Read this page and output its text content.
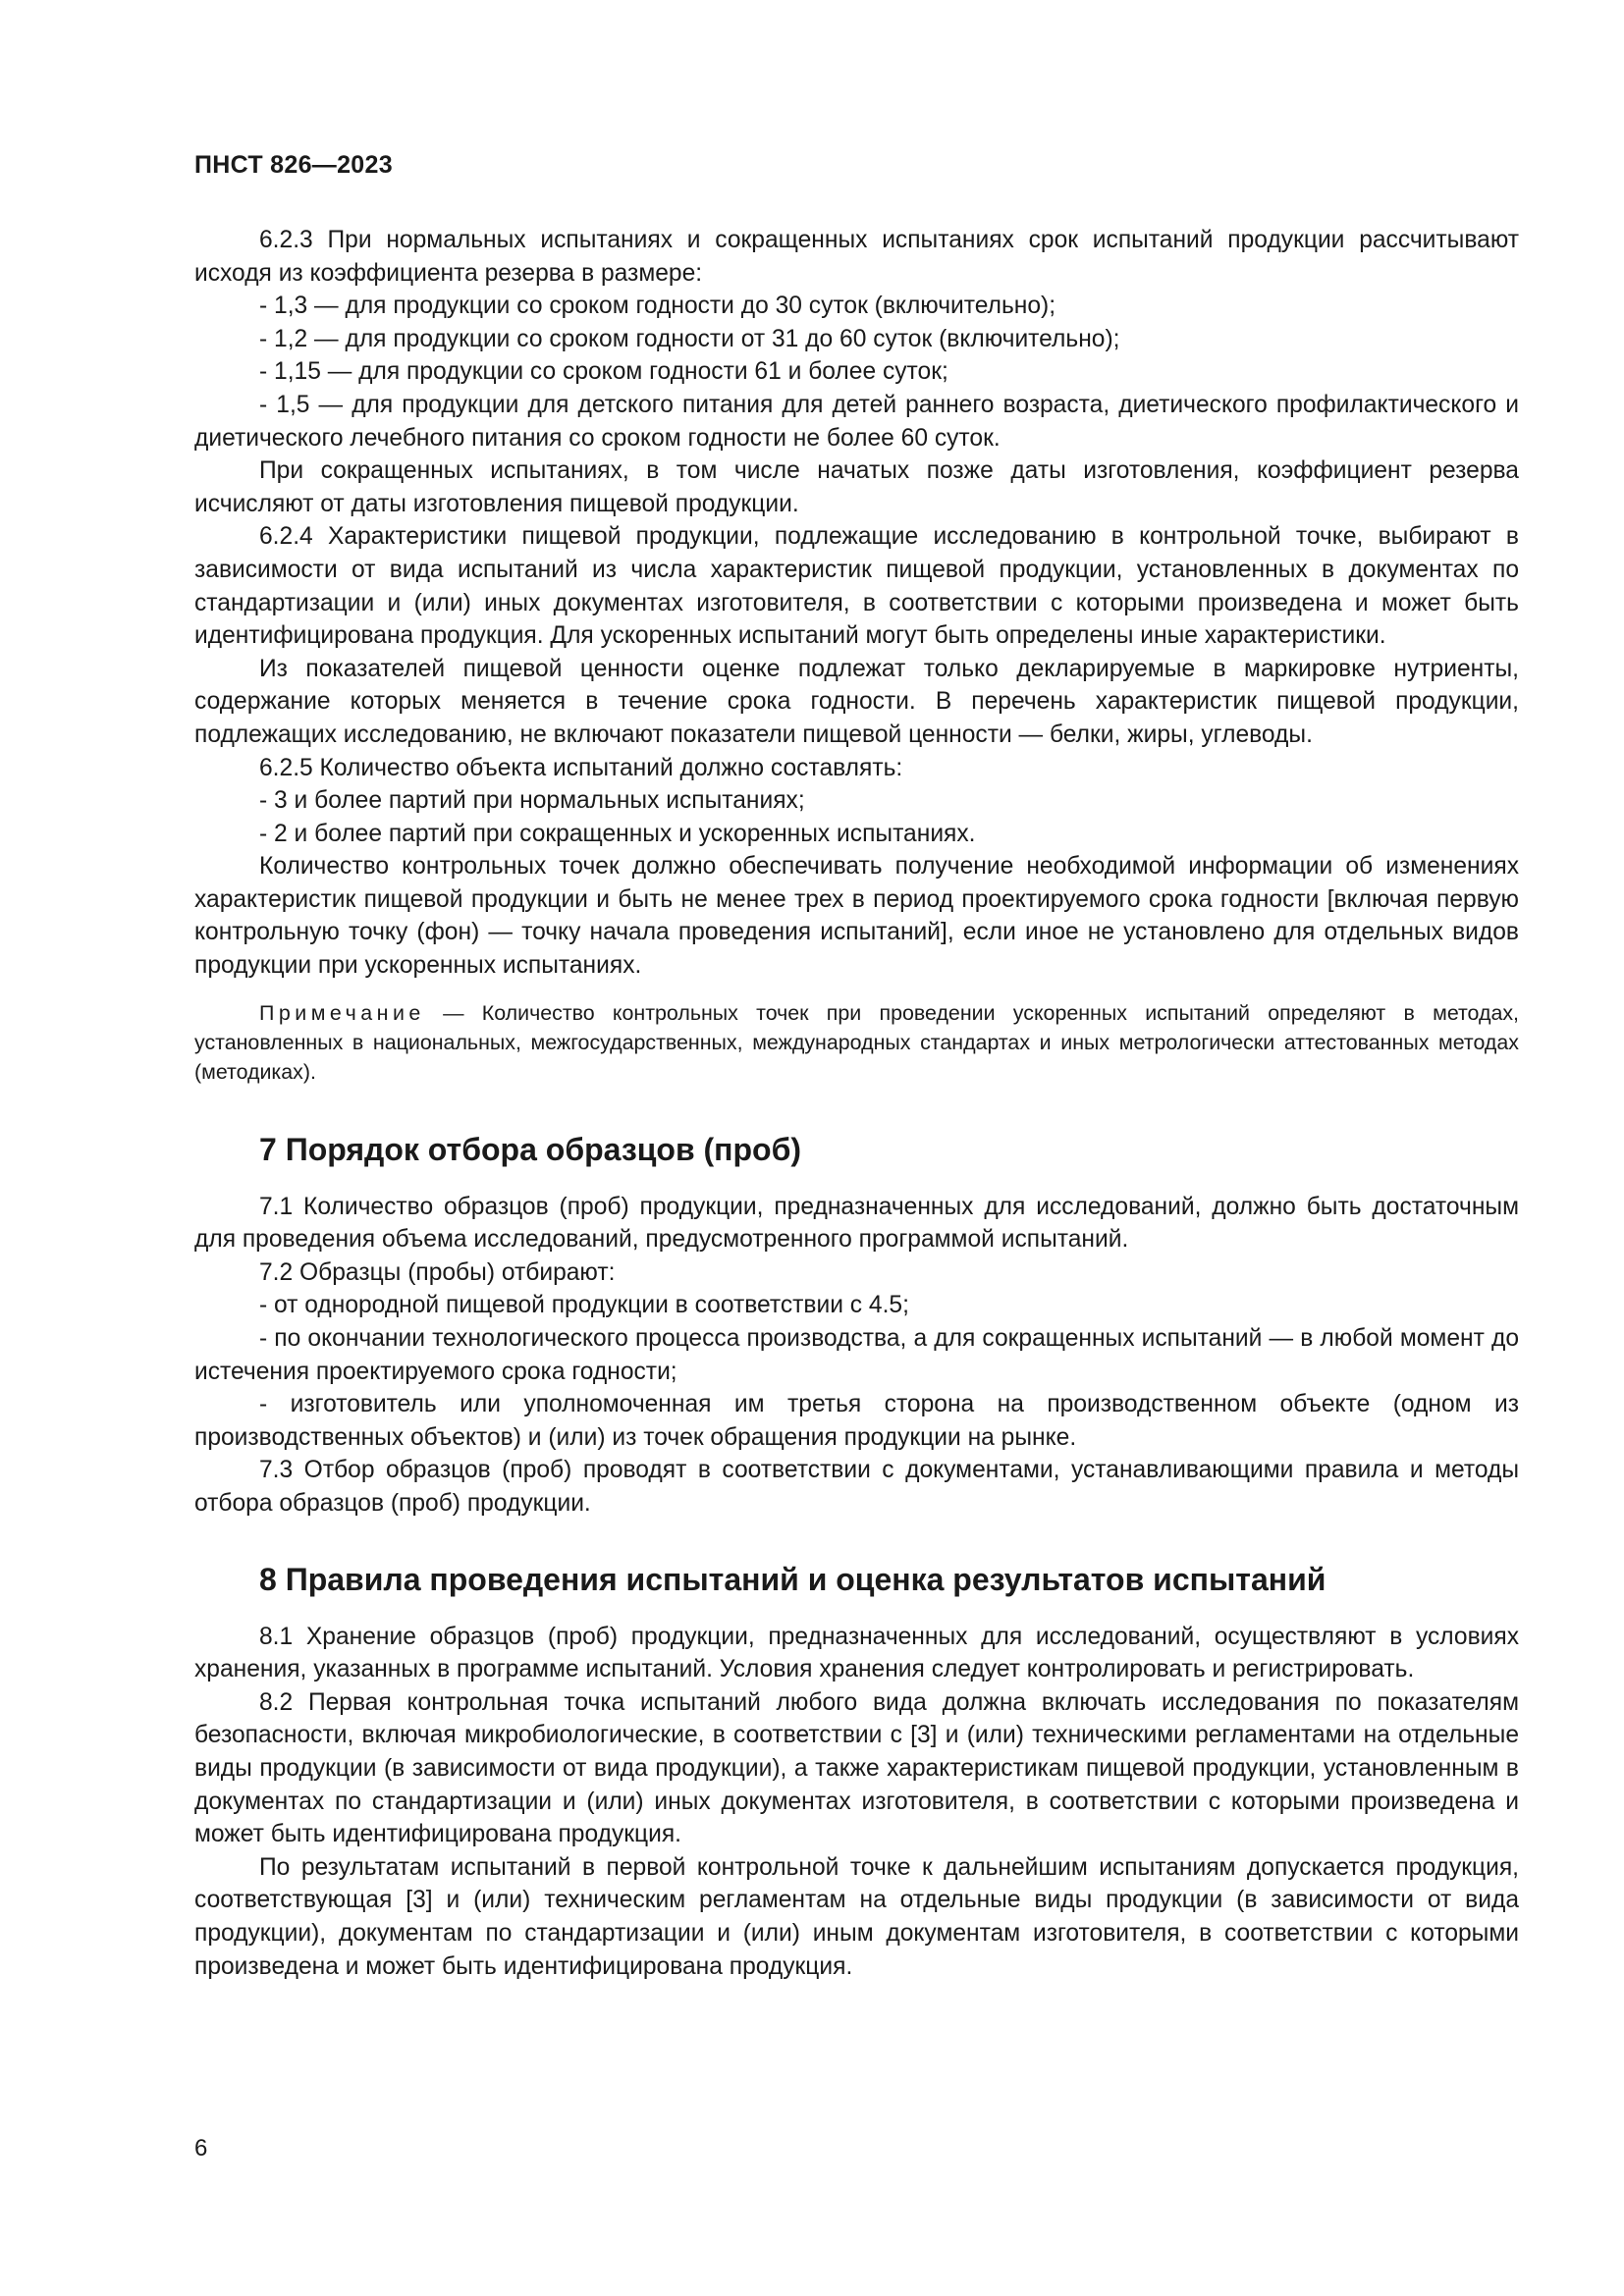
ПНСТ 826—2023

6.2.3 При нормальных испытаниях и сокращенных испытаниях срок испытаний продукции рассчитывают исходя из коэффициента резерва в размере:

- 1,3 — для продукции со сроком годности до 30 суток (включительно);

- 1,2 — для продукции со сроком годности от 31 до 60 суток (включительно);

- 1,15 — для продукции со сроком годности 61 и более суток;

- 1,5 — для продукции для детского питания для детей раннего возраста, диетического профилактического и диетического лечебного питания со сроком годности не более 60 суток.

При сокращенных испытаниях, в том числе начатых позже даты изготовления, коэффициент резерва исчисляют от даты изготовления пищевой продукции.

6.2.4 Характеристики пищевой продукции, подлежащие исследованию в контрольной точке, выбирают в зависимости от вида испытаний из числа характеристик пищевой продукции, установленных в документах по стандартизации и (или) иных документах изготовителя, в соответствии с которыми произведена и может быть идентифицирована продукция. Для ускоренных испытаний могут быть определены иные характеристики.

Из показателей пищевой ценности оценке подлежат только декларируемые в маркировке нутриенты, содержание которых меняется в течение срока годности. В перечень характеристик пищевой продукции, подлежащих исследованию, не включают показатели пищевой ценности — белки, жиры, углеводы.

6.2.5 Количество объекта испытаний должно составлять:

- 3 и более партий при нормальных испытаниях;

- 2 и более партий при сокращенных и ускоренных испытаниях.

Количество контрольных точек должно обеспечивать получение необходимой информации об изменениях характеристик пищевой продукции и быть не менее трех в период проектируемого срока годности [включая первую контрольную точку (фон) — точку начала проведения испытаний], если иное не установлено для отдельных видов продукции при ускоренных испытаниях.

Примечание — Количество контрольных точек при проведении ускоренных испытаний определяют в методах, установленных в национальных, межгосударственных, международных стандартах и иных метрологически аттестованных методах (методиках).

7 Порядок отбора образцов (проб)

7.1 Количество образцов (проб) продукции, предназначенных для исследований, должно быть достаточным для проведения объема исследований, предусмотренного программой испытаний.

7.2 Образцы (пробы) отбирают:

- от однородной пищевой продукции в соответствии с 4.5;

- по окончании технологического процесса производства, а для сокращенных испытаний — в любой момент до истечения проектируемого срока годности;

- изготовитель или уполномоченная им третья сторона на производственном объекте (одном из производственных объектов) и (или) из точек обращения продукции на рынке.

7.3 Отбор образцов (проб) проводят в соответствии с документами, устанавливающими правила и методы отбора образцов (проб) продукции.

8 Правила проведения испытаний и оценка результатов испытаний

8.1 Хранение образцов (проб) продукции, предназначенных для исследований, осуществляют в условиях хранения, указанных в программе испытаний. Условия хранения следует контролировать и регистрировать.

8.2 Первая контрольная точка испытаний любого вида должна включать исследования по показателям безопасности, включая микробиологические, в соответствии с [3] и (или) техническими регламентами на отдельные виды продукции (в зависимости от вида продукции), а также характеристикам пищевой продукции, установленным в документах по стандартизации и (или) иных документах изготовителя, в соответствии с которыми произведена и может быть идентифицирована продукция.

По результатам испытаний в первой контрольной точке к дальнейшим испытаниям допускается продукция, соответствующая [3] и (или) техническим регламентам на отдельные виды продукции (в зависимости от вида продукции), документам по стандартизации и (или) иным документам изготовителя, в соответствии с которыми произведена и может быть идентифицирована продукция.

6
